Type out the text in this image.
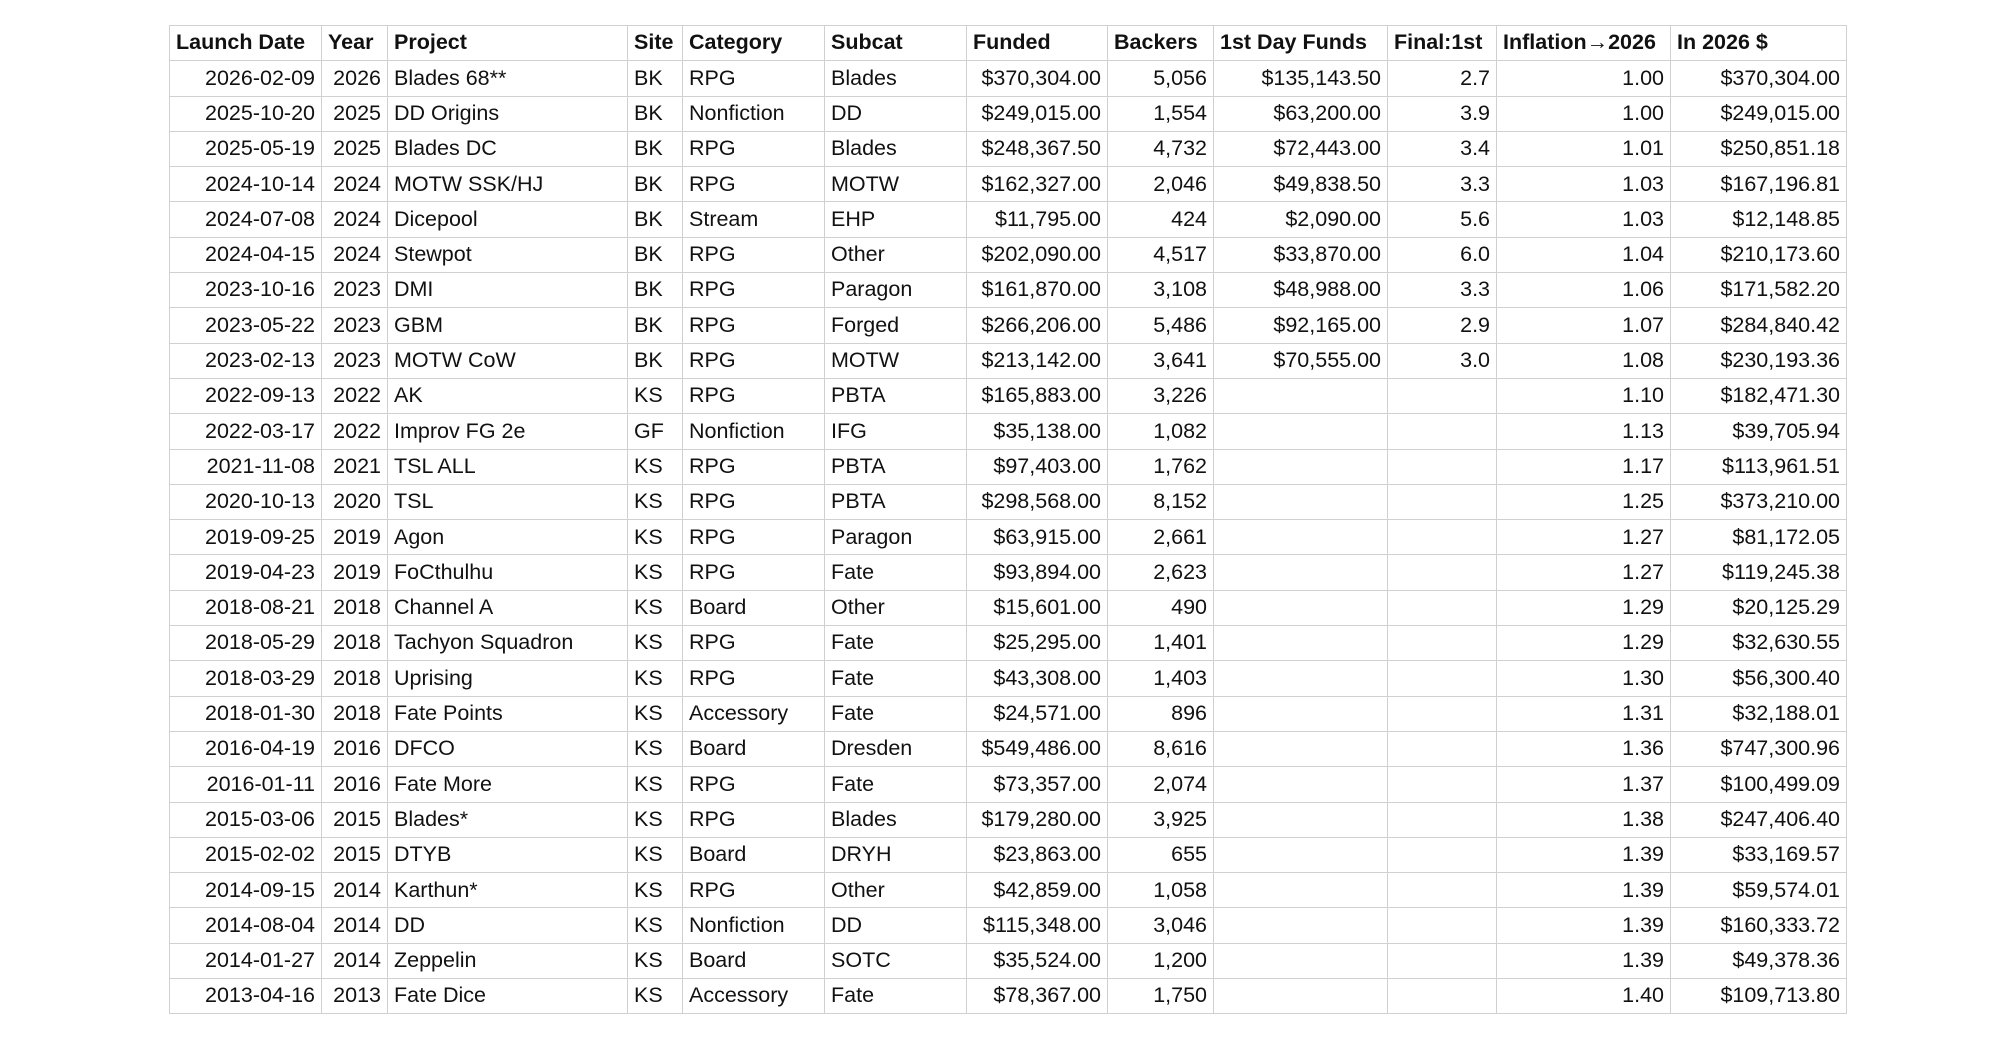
Launch Date	Year	Project	Site	Category	Subcat	Funded	Backers	1st Day Funds	Final:1st	Inflation→2026	In 2026 $
2026-02-09	2026	Blades 68**	BK	RPG	Blades	$370,304.00	5,056	$135,143.50	2.7	1.00	$370,304.00
2025-10-20	2025	DD Origins	BK	Nonfiction	DD	$249,015.00	1,554	$63,200.00	3.9	1.00	$249,015.00
2025-05-19	2025	Blades DC	BK	RPG	Blades	$248,367.50	4,732	$72,443.00	3.4	1.01	$250,851.18
2024-10-14	2024	MOTW SSK/HJ	BK	RPG	MOTW	$162,327.00	2,046	$49,838.50	3.3	1.03	$167,196.81
2024-07-08	2024	Dicepool	BK	Stream	EHP	$11,795.00	424	$2,090.00	5.6	1.03	$12,148.85
2024-04-15	2024	Stewpot	BK	RPG	Other	$202,090.00	4,517	$33,870.00	6.0	1.04	$210,173.60
2023-10-16	2023	DMI	BK	RPG	Paragon	$161,870.00	3,108	$48,988.00	3.3	1.06	$171,582.20
2023-05-22	2023	GBM	BK	RPG	Forged	$266,206.00	5,486	$92,165.00	2.9	1.07	$284,840.42
2023-02-13	2023	MOTW CoW	BK	RPG	MOTW	$213,142.00	3,641	$70,555.00	3.0	1.08	$230,193.36
2022-09-13	2022	AK	KS	RPG	PBTA	$165,883.00	3,226			1.10	$182,471.30
2022-03-17	2022	Improv FG 2e	GF	Nonfiction	IFG	$35,138.00	1,082			1.13	$39,705.94
2021-11-08	2021	TSL ALL	KS	RPG	PBTA	$97,403.00	1,762			1.17	$113,961.51
2020-10-13	2020	TSL	KS	RPG	PBTA	$298,568.00	8,152			1.25	$373,210.00
2019-09-25	2019	Agon	KS	RPG	Paragon	$63,915.00	2,661			1.27	$81,172.05
2019-04-23	2019	FoCthulhu	KS	RPG	Fate	$93,894.00	2,623			1.27	$119,245.38
2018-08-21	2018	Channel A	KS	Board	Other	$15,601.00	490			1.29	$20,125.29
2018-05-29	2018	Tachyon Squadron	KS	RPG	Fate	$25,295.00	1,401			1.29	$32,630.55
2018-03-29	2018	Uprising	KS	RPG	Fate	$43,308.00	1,403			1.30	$56,300.40
2018-01-30	2018	Fate Points	KS	Accessory	Fate	$24,571.00	896			1.31	$32,188.01
2016-04-19	2016	DFCO	KS	Board	Dresden	$549,486.00	8,616			1.36	$747,300.96
2016-01-11	2016	Fate More	KS	RPG	Fate	$73,357.00	2,074			1.37	$100,499.09
2015-03-06	2015	Blades*	KS	RPG	Blades	$179,280.00	3,925			1.38	$247,406.40
2015-02-02	2015	DTYB	KS	Board	DRYH	$23,863.00	655			1.39	$33,169.57
2014-09-15	2014	Karthun*	KS	RPG	Other	$42,859.00	1,058			1.39	$59,574.01
2014-08-04	2014	DD	KS	Nonfiction	DD	$115,348.00	3,046			1.39	$160,333.72
2014-01-27	2014	Zeppelin	KS	Board	SOTC	$35,524.00	1,200			1.39	$49,378.36
2013-04-16	2013	Fate Dice	KS	Accessory	Fate	$78,367.00	1,750			1.40	$109,713.80
